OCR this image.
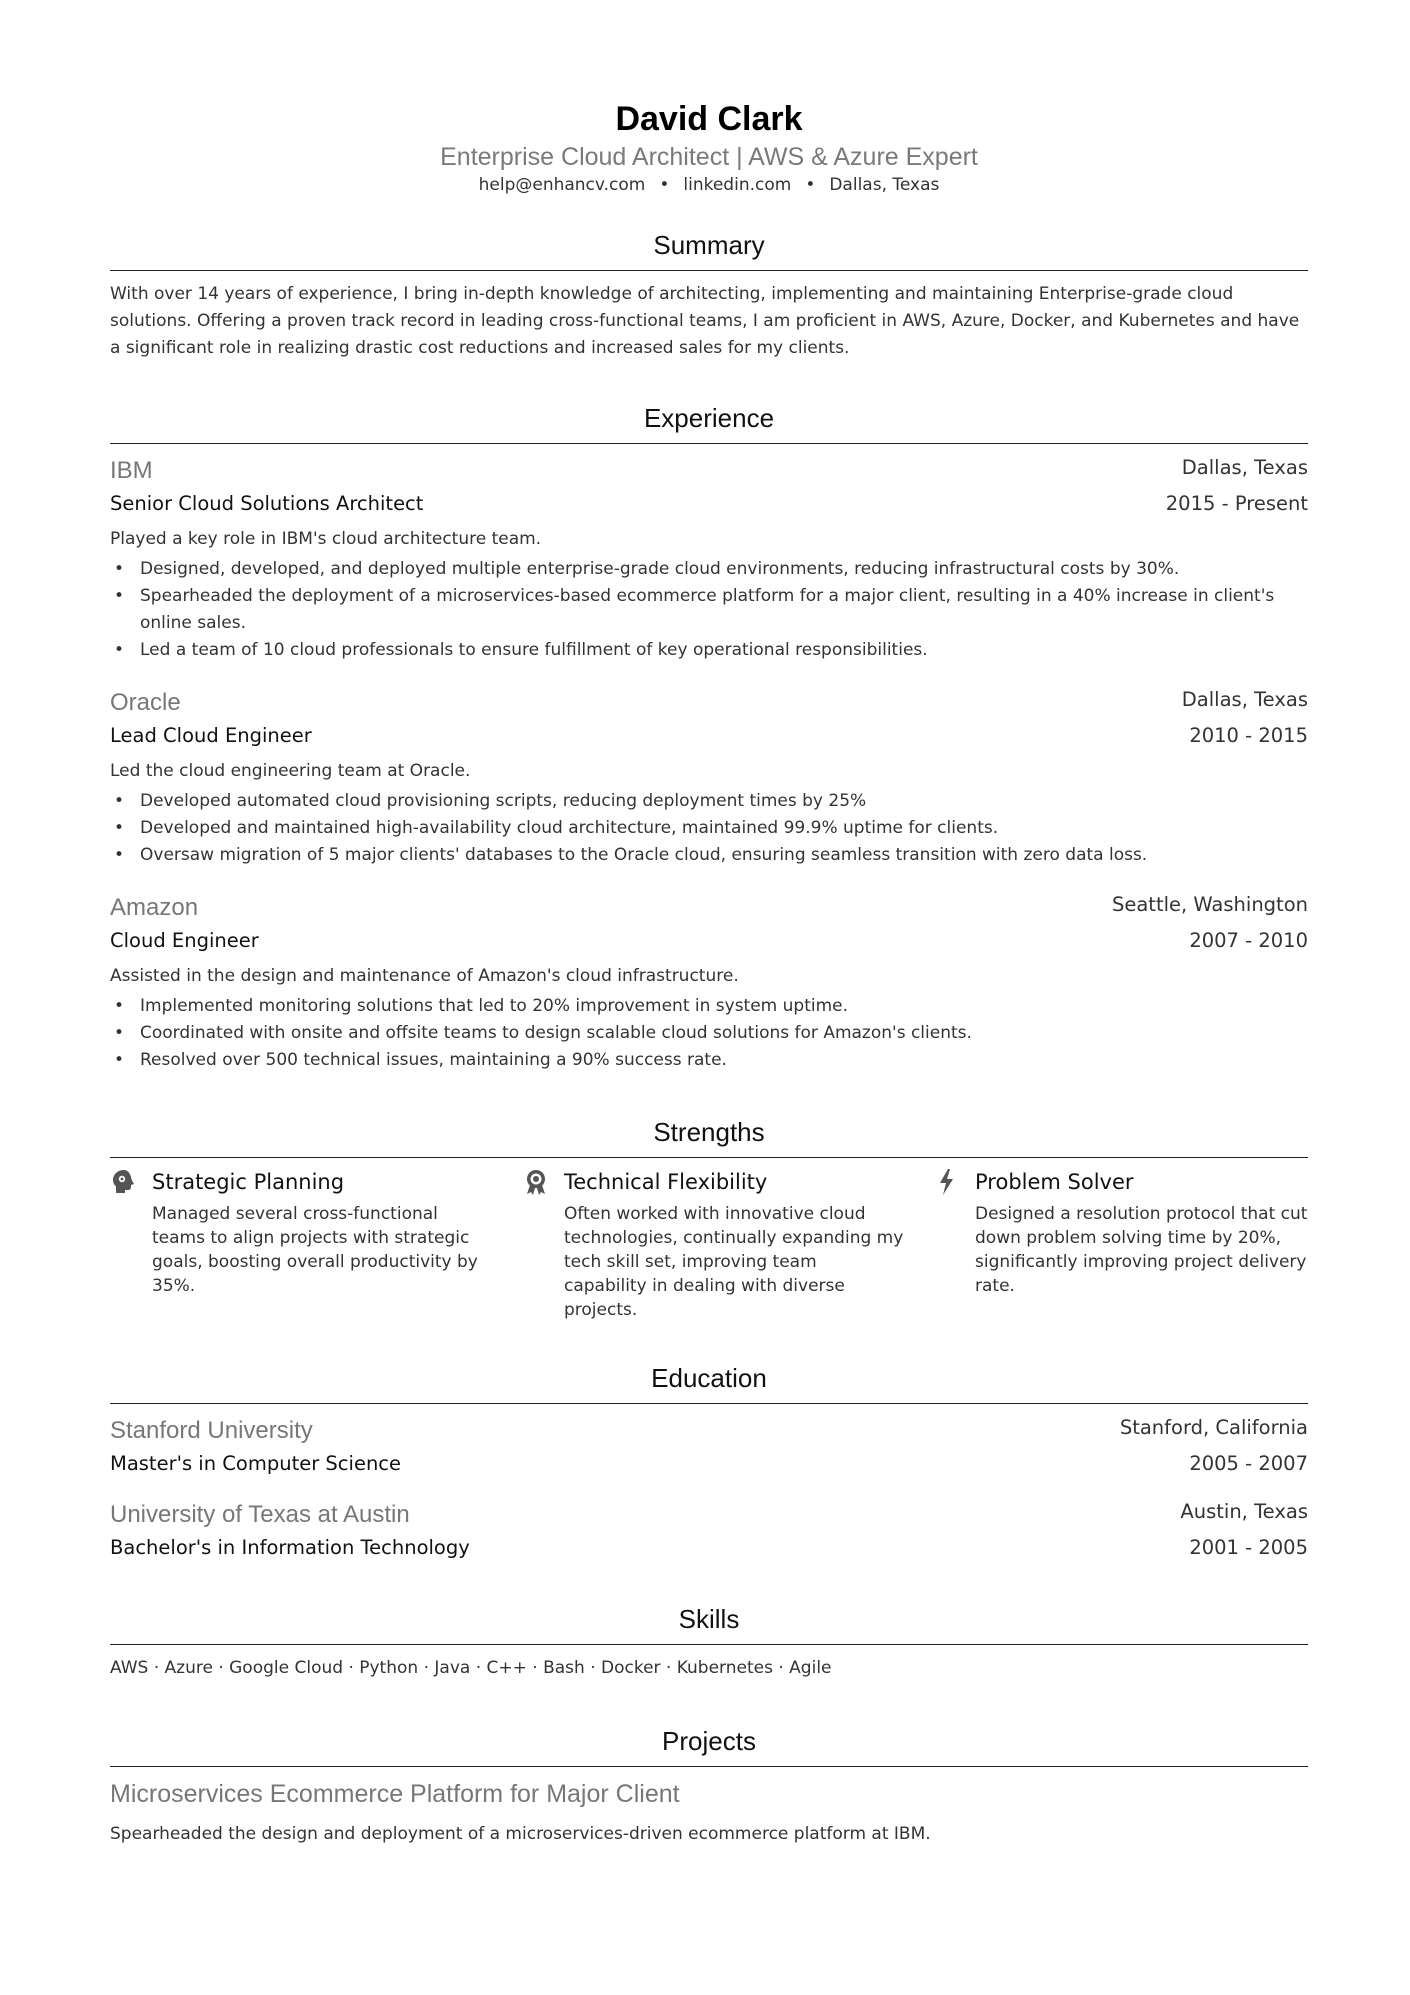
David Clark
Enterprise Cloud Architect | AWS & Azure Expert
help@enhancv.com • linkedin.com • Dallas, Texas
Summary
With over 14 years of experience, I bring in-depth knowledge of architecting, implementing and maintaining Enterprise-grade cloud solutions. Offering a proven track record in leading cross-functional teams, I am proficient in AWS, Azure, Docker, and Kubernetes and have a significant role in realizing drastic cost reductions and increased sales for my clients.
Experience
IBM	Dallas, Texas
Senior Cloud Solutions Architect	2015 - Present
Played a key role in IBM's cloud architecture team.
• Designed, developed, and deployed multiple enterprise-grade cloud environments, reducing infrastructural costs by 30%.
• Spearheaded the deployment of a microservices-based ecommerce platform for a major client, resulting in a 40% increase in client's online sales.
• Led a team of 10 cloud professionals to ensure fulfillment of key operational responsibilities.
Oracle	Dallas, Texas
Lead Cloud Engineer	2010 - 2015
Led the cloud engineering team at Oracle.
• Developed automated cloud provisioning scripts, reducing deployment times by 25%
• Developed and maintained high-availability cloud architecture, maintained 99.9% uptime for clients.
• Oversaw migration of 5 major clients' databases to the Oracle cloud, ensuring seamless transition with zero data loss.
Amazon	Seattle, Washington
Cloud Engineer	2007 - 2010
Assisted in the design and maintenance of Amazon's cloud infrastructure.
• Implemented monitoring solutions that led to 20% improvement in system uptime.
• Coordinated with onsite and offsite teams to design scalable cloud solutions for Amazon's clients.
• Resolved over 500 technical issues, maintaining a 90% success rate.
Strengths
Strategic Planning
Managed several cross-functional teams to align projects with strategic goals, boosting overall productivity by 35%.
Technical Flexibility
Often worked with innovative cloud technologies, continually expanding my tech skill set, improving team capability in dealing with diverse projects.
Problem Solver
Designed a resolution protocol that cut down problem solving time by 20%, significantly improving project delivery rate.
Education
Stanford University	Stanford, California
Master's in Computer Science	2005 - 2007
University of Texas at Austin	Austin, Texas
Bachelor's in Information Technology	2001 - 2005
Skills
AWS · Azure · Google Cloud · Python · Java · C++ · Bash · Docker · Kubernetes · Agile
Projects
Microservices Ecommerce Platform for Major Client
Spearheaded the design and deployment of a microservices-driven ecommerce platform at IBM.
